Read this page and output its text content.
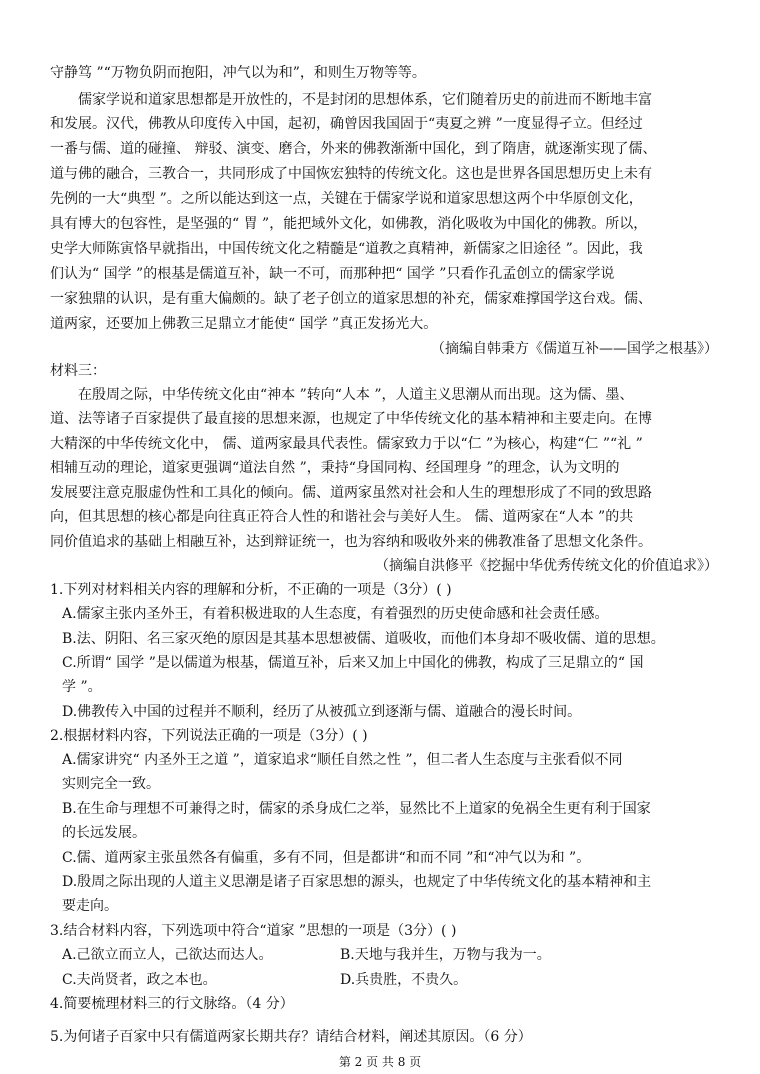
守静笃 ”“万物负阴而抱阳，冲气以为和”，和则生万物等等。
儒家学说和道家思想都是开放性的，不是封闭的思想体系，它们随着历史的前进而不断地丰富
和发展。汉代，佛教从印度传入中国，起初，确曾因我国固于“夷夏之辨 ”一度显得孑立。但经过
一番与儒、道的碰撞、 辩驳、演变、磨合，外来的佛教渐渐中国化，到了隋唐，就逐渐实现了儒、
道与佛的融合，三教合一，共同形成了中国恢宏独特的传统文化。这也是世界各国思想历史上未有
先例的一大“典型 ”。之所以能达到这一点，关键在于儒家学说和道家思想这两个中华原创文化，
具有博大的包容性，是坚强的“ 胃 ”，能把域外文化，如佛教，消化吸收为中国化的佛教。所以，
史学大师陈寅恪早就指出，中国传统文化之精髓是“道教之真精神，新儒家之旧途径 ”。因此，我
们认为“ 国学 ”的根基是儒道互补，缺一不可，而那种把“ 国学 ”只看作孔孟创立的儒家学说
一家独鼎的认识，是有重大偏颇的。缺了老子创立的道家思想的补充，儒家难撑国学这台戏。儒、
道两家，还要加上佛教三足鼎立才能使“ 国学 ”真正发扬光大。
（摘编自韩秉方《儒道互补——国学之根基》）
材料三：
在殷周之际，中华传统文化由“神本 ”转向“人本 ”，人道主义思潮从而出现。这为儒、墨、
道、法等诸子百家提供了最直接的思想来源，也规定了中华传统文化的基本精神和主要走向。在博
大精深的中华传统文化中， 儒、道两家最具代表性。儒家致力于以“仁 ”为核心，构建“仁 ”“礼 ”
相辅互动的理论，道家更强调“道法自然 ”，秉持“身国同构、经国理身 ”的理念，认为文明的
发展要注意克服虚伪性和工具化的倾向。儒、道两家虽然对社会和人生的理想形成了不同的致思路
向，但其思想的核心都是向往真正符合人性的和谐社会与美好人生。 儒、道两家在“人本 ”的共
同价值追求的基础上相融互补，达到辩证统一，也为容纳和吸收外来的佛教准备了思想文化条件。
（摘编自洪修平《挖掘中华优秀传统文化的价值追求》）
1.下列对材料相关内容的理解和分析，不正确的一项是（3分）( )
A.儒家主张内圣外王，有着积极进取的人生态度，有着强烈的历史使命感和社会责任感。
B.法、阴阳、名三家灭绝的原因是其基本思想被儒、道吸收，而他们本身却不吸收儒、道的思想。
C.所谓“ 国学 ”是以儒道为根基，儒道互补，后来又加上中国化的佛教，构成了三足鼎立的“ 国
学 ”。
D.佛教传入中国的过程并不顺利，经历了从被孤立到逐渐与儒、道融合的漫长时间。
2.根据材料内容，下列说法正确的一项是（3分）( )
A.儒家讲究“ 内圣外王之道 ”，道家追求“顺任自然之性 ”，但二者人生态度与主张看似不同
实则完全一致。
B.在生命与理想不可兼得之时，儒家的杀身成仁之举，显然比不上道家的免祸全生更有利于国家
的长远发展。
C.儒、道两家主张虽然各有偏重，多有不同，但是都讲“和而不同 ”和“冲气以为和 ”。
D.殷周之际出现的人道主义思潮是诸子百家思想的源头，也规定了中华传统文化的基本精神和主
要走向。
3.结合材料内容，下列选项中符合“道家 ”思想的一项是（3分）( )
A.己欲立而立人，己欲达而达人。	B.天地与我并生，万物与我为一。
C.夫尚贤者，政之本也。	D.兵贵胜，不贵久。
4.简要梳理材料三的行文脉络。（4 分）
5.为何诸子百家中只有儒道两家长期共存？请结合材料，阐述其原因。（6 分）
第 2 页 共 8 页
